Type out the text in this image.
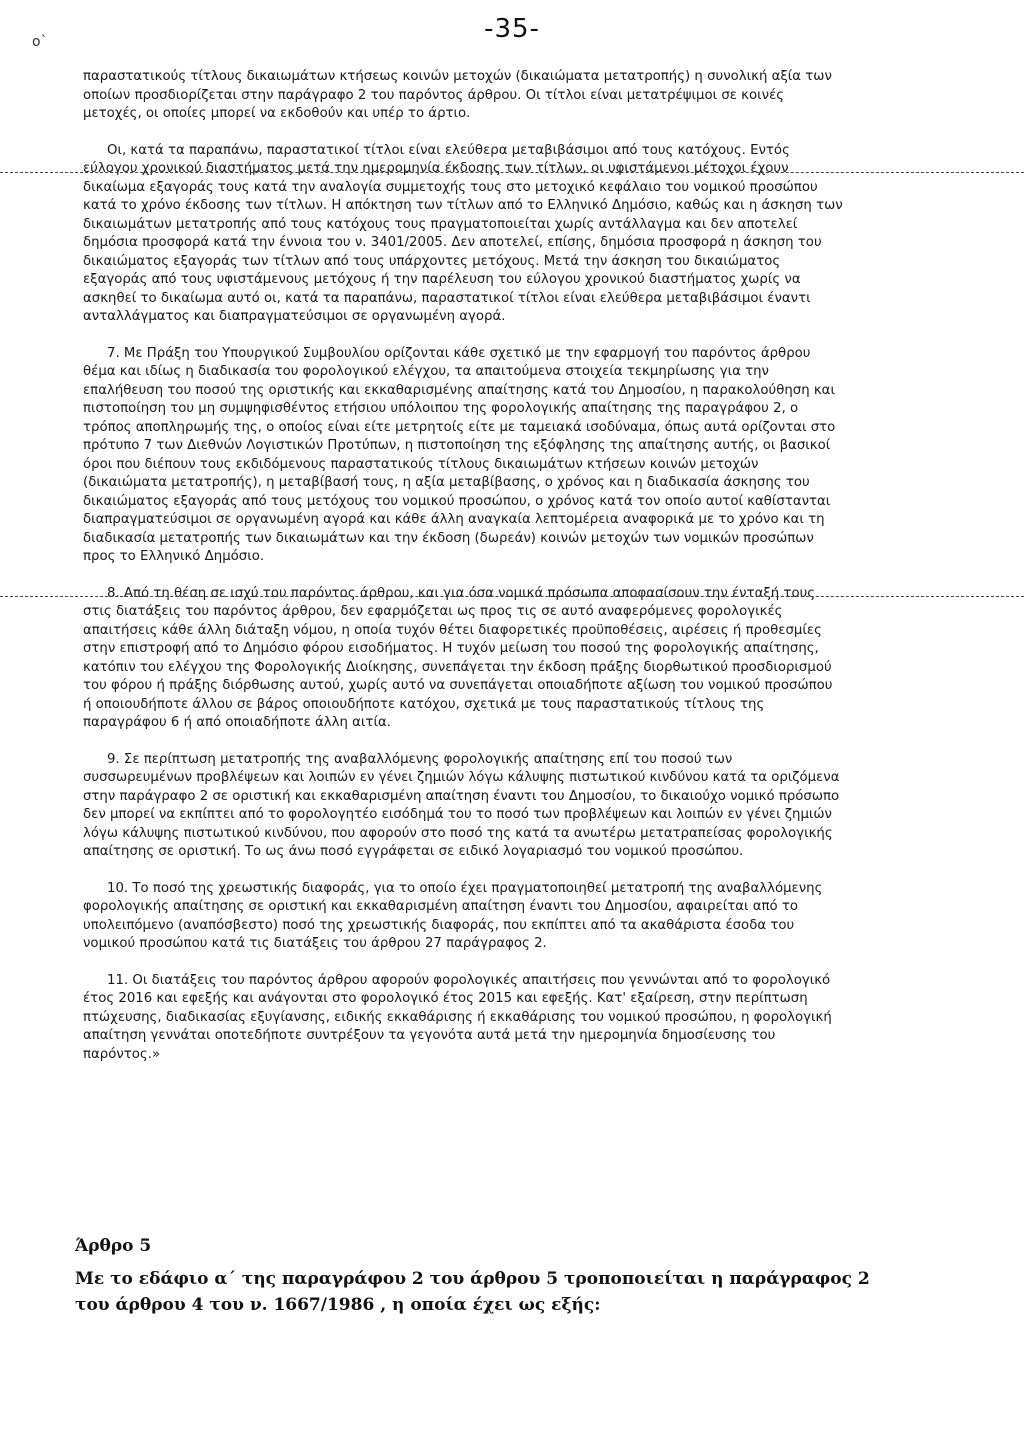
ο`	-35-

παραστατικούς τίτλους δικαιωμάτων κτήσεως κοινών μετοχών (δικαιώματα μετατροπής) η συνολική αξία των οποίων προσδιορίζεται στην παράγραφο 2 του παρόντος άρθρου. Οι τίτλοι είναι μετατρέψιμοι σε κοινές μετοχές, οι οποίες μπορεί να εκδοθούν και υπέρ το άρτιο.

Οι, κατά τα παραπάνω, παραστατικοί τίτλοι είναι ελεύθερα μεταβιβάσιμοι από τους κατόχους. Εντός εύλογου χρονικού διαστήματος μετά την ημερομηνία έκδοσης των τίτλων, οι υφιστάμενοι μέτοχοι έχουν δικαίωμα εξαγοράς τους κατά την αναλογία συμμετοχής τους στο μετοχικό κεφάλαιο του νομικού προσώπου κατά το χρόνο έκδοσης των τίτλων. Η απόκτηση των τίτλων από το Ελληνικό Δημόσιο, καθώς και η άσκηση των δικαιωμάτων μετατροπής από τους κατόχους τους πραγματοποιείται χωρίς αντάλλαγμα και δεν αποτελεί δημόσια προσφορά κατά την έννοια του ν. 3401/2005. Δεν αποτελεί, επίσης, δημόσια προσφορά η άσκηση του δικαιώματος εξαγοράς των τίτλων από τους υπάρχοντες μετόχους. Μετά την άσκηση του δικαιώματος εξαγοράς από τους υφιστάμενους μετόχους ή την παρέλευση του εύλογου χρονικού διαστήματος χωρίς να ασκηθεί το δικαίωμα αυτό οι, κατά τα παραπάνω, παραστατικοί τίτλοι είναι ελεύθερα μεταβιβάσιμοι έναντι ανταλλάγματος και διαπραγματεύσιμοι σε οργανωμένη αγορά.

7. Με Πράξη του Υπουργικού Συμβουλίου ορίζονται κάθε σχετικό με την εφαρμογή του παρόντος άρθρου θέμα και ιδίως η διαδικασία του φορολογικού ελέγχου, τα απαιτούμενα στοιχεία τεκμηρίωσης για την επαλήθευση του ποσού της οριστικής και εκκαθαρισμένης απαίτησης κατά του Δημοσίου, η παρακολούθηση και πιστοποίηση του μη συμψηφισθέντος ετήσιου υπόλοιπου της φορολογικής απαίτησης της παραγράφου 2, ο τρόπος απoπληρωμής της, ο οποίος είναι είτε μετρητοίς είτε με ταμειακά ισοδύναμα, όπως αυτά ορίζονται στο πρότυπο 7 των Διεθνών Λογιστικών Προτύπων, η πιστοποίηση της εξόφλησης της απαίτησης αυτής, οι βασικοί όροι που διέπουν τους εκδιδόμενους παραστατικούς τίτλους δικαιωμάτων κτήσεων κοινών μετοχών (δικαιώματα μετατροπής), η μεταβίβασή τους, η αξία μεταβίβασης, ο χρόνος και η διαδικασία άσκησης του δικαιώματος εξαγοράς από τους μετόχους του νομικού προσώπου, ο χρόνος κατά τον οποίο αυτοί καθίστανται διαπραγματεύσιμοι σε οργανωμένη αγορά και κάθε άλλη αναγκαία λεπτομέρεια αναφορικά με το χρόνο και τη διαδικασία μετατροπής των δικαιωμάτων και την έκδοση (δωρεάν) κοινών μετοχών των νομικών προσώπων προς το Ελληνικό Δημόσιο.

8. Από τη θέση σε ισχύ του παρόντος άρθρου, και για όσα νομικά πρόσωπα αποφασίσουν την ένταξή τους στις διατάξεις του παρόντος άρθρου, δεν εφαρμόζεται ως προς τις σε αυτό αναφερόμενες φορολογικές απαιτήσεις κάθε άλλη διάταξη νόμου, η οποία τυχόν θέτει διαφορετικές προϋποθέσεις, αιρέσεις ή προθεσμίες στην επιστροφή από το Δημόσιο φόρου εισοδήματος. Η τυχόν μείωση του ποσού της φορολογικής απαίτησης, κατόπιν του ελέγχου της Φορολογικής Διοίκησης, συνεπάγεται την έκδοση πράξης διορθωτικού προσδιορισμού του φόρου ή πράξης διόρθωσης αυτού, χωρίς αυτό να συνεπάγεται οποιαδήποτε αξίωση του νομικού προσώπου ή οποιουδήποτε άλλου σε βάρος οποιουδήποτε κατόχου, σχετικά με τους παραστατικούς τίτλους της παραγράφου 6 ή από οποιαδήποτε άλλη αιτία.

9. Σε περίπτωση μετατροπής της αναβαλλόμενης φορολογικής απαίτησης επί του ποσού των συσσωρευμένων προβλέψεων και λοιπών εν γένει ζημιών λόγω κάλυψης πιστωτικού κινδύνου κατά τα οριζόμενα στην παράγραφο 2 σε οριστική και εκκαθαρισμένη απαίτηση έναντι του Δημοσίου, το δικαιούχο νομικό πρόσωπο δεν μπορεί να εκπίπτει από το φορολογητέο εισόδημά του το ποσό των προβλέψεων και λοιπών εν γένει ζημιών λόγω κάλυψης πιστωτικού κινδύνου, που αφορούν στο ποσό της κατά τα ανωτέρω μετατραπείσας φορολογικής απαίτησης σε οριστική. Το ως άνω ποσό εγγράφεται σε ειδικό λογαριασμό του νομικού προσώπου.

10. Το ποσό της χρεωστικής διαφοράς, για το οποίο έχει πραγματοποιηθεί μετατροπή της αναβαλλόμενης φορολογικής απαίτησης σε οριστική και εκκαθαρισμένη απαίτηση έναντι του Δημοσίου, αφαιρείται από το υπολειπόμενο (αναπόσβεστο) ποσό της χρεωστικής διαφοράς, που εκπίπτει από τα ακαθάριστα έσοδα του νομικού προσώπου κατά τις διατάξεις του άρθρου 27 παράγραφος 2.

11. Οι διατάξεις του παρόντος άρθρου αφορούν φορολογικές απαιτήσεις που γεννώνται από το φορολογικό έτος 2016 και εφεξής και ανάγονται στο φορολογικό έτος 2015 και εφεξής. Κατ' εξαίρεση, στην περίπτωση πτώχευσης, διαδικασίας εξυγίανσης, ειδικής εκκαθάρισης ή εκκαθάρισης του νομικού προσώπου, η φορολογική απαίτηση γεννάται οποτεδήποτε συντρέξουν τα γεγονότα αυτά μετά την ημερομηνία δημοσίευσης του παρόντος.»

Άρθρο 5
Με το εδάφιο α΄ της παραγράφου 2 του άρθρου 5 τροποποιείται η παράγραφος 2 του άρθρου 4 του ν. 1667/1986 , η οποία έχει ως εξής:
